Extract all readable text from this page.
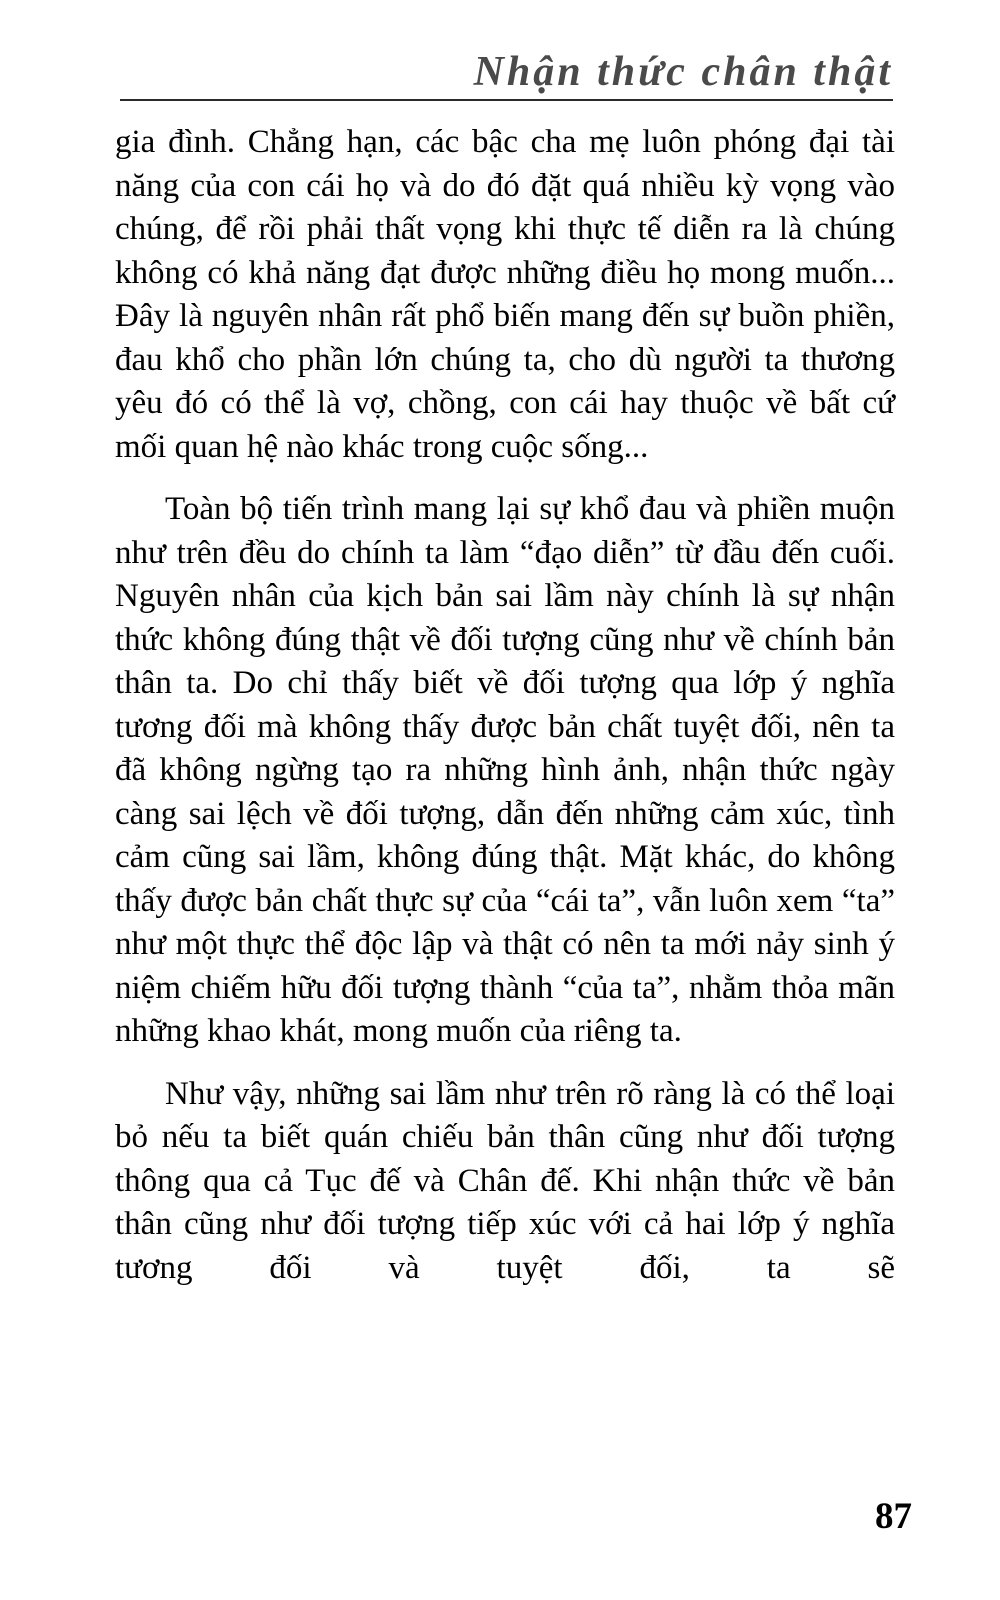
Nhận thức chân thật

gia đình. Chẳng hạn, các bậc cha mẹ luôn phóng đại tài năng của con cái họ và do đó đặt quá nhiều kỳ vọng vào chúng, để rồi phải thất vọng khi thực tế diễn ra là chúng không có khả năng đạt được những điều họ mong muốn... Đây là nguyên nhân rất phổ biến mang đến sự buồn phiền, đau khổ cho phần lớn chúng ta, cho dù người ta thương yêu đó có thể là vợ, chồng, con cái hay thuộc về bất cứ mối quan hệ nào khác trong cuộc sống...

Toàn bộ tiến trình mang lại sự khổ đau và phiền muộn như trên đều do chính ta làm “đạo diễn” từ đầu đến cuối. Nguyên nhân của kịch bản sai lầm này chính là sự nhận thức không đúng thật về đối tượng cũng như về chính bản thân ta. Do chỉ thấy biết về đối tượng qua lớp ý nghĩa tương đối mà không thấy được bản chất tuyệt đối, nên ta đã không ngừng tạo ra những hình ảnh, nhận thức ngày càng sai lệch về đối tượng, dẫn đến những cảm xúc, tình cảm cũng sai lầm, không đúng thật. Mặt khác, do không thấy được bản chất thực sự của “cái ta”, vẫn luôn xem “ta” như một thực thể độc lập và thật có nên ta mới nảy sinh ý niệm chiếm hữu đối tượng thành “của ta”, nhằm thỏa mãn những khao khát, mong muốn của riêng ta.

Như vậy, những sai lầm như trên rõ ràng là có thể loại bỏ nếu ta biết quán chiếu bản thân cũng như đối tượng thông qua cả Tục đế và Chân đế. Khi nhận thức về bản thân cũng như đối tượng tiếp xúc với cả hai lớp ý nghĩa tương đối và tuyệt đối, ta sẽ

87
